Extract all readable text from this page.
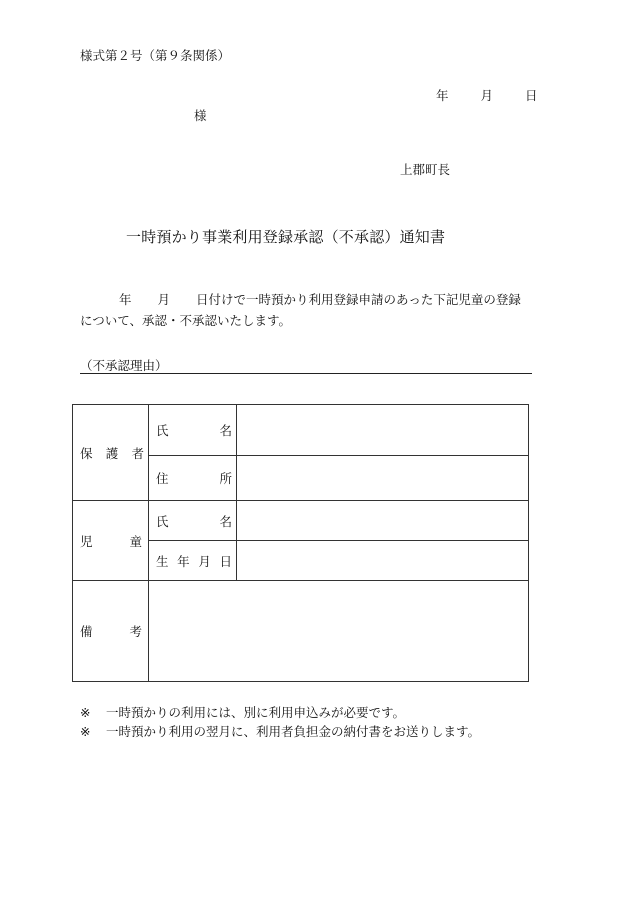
様式第２号（第９条関係）
年	月	日
様
上郡町長
一時預かり事業利用登録承認（不承認）通知書
年 月 日付けで一時預かり利用登録申請のあった下記児童の登録
について、承認・不承認いたします。
（不承認理由）
保 護 者	氏 名	

	住 所	

児 童	氏 名	

	生 年 月 日	

備 考		

※ 一時預かりの利用には、別に利用申込みが必要です。
※ 一時預かり利用の翌月に、利用者負担金の納付書をお送りします。
